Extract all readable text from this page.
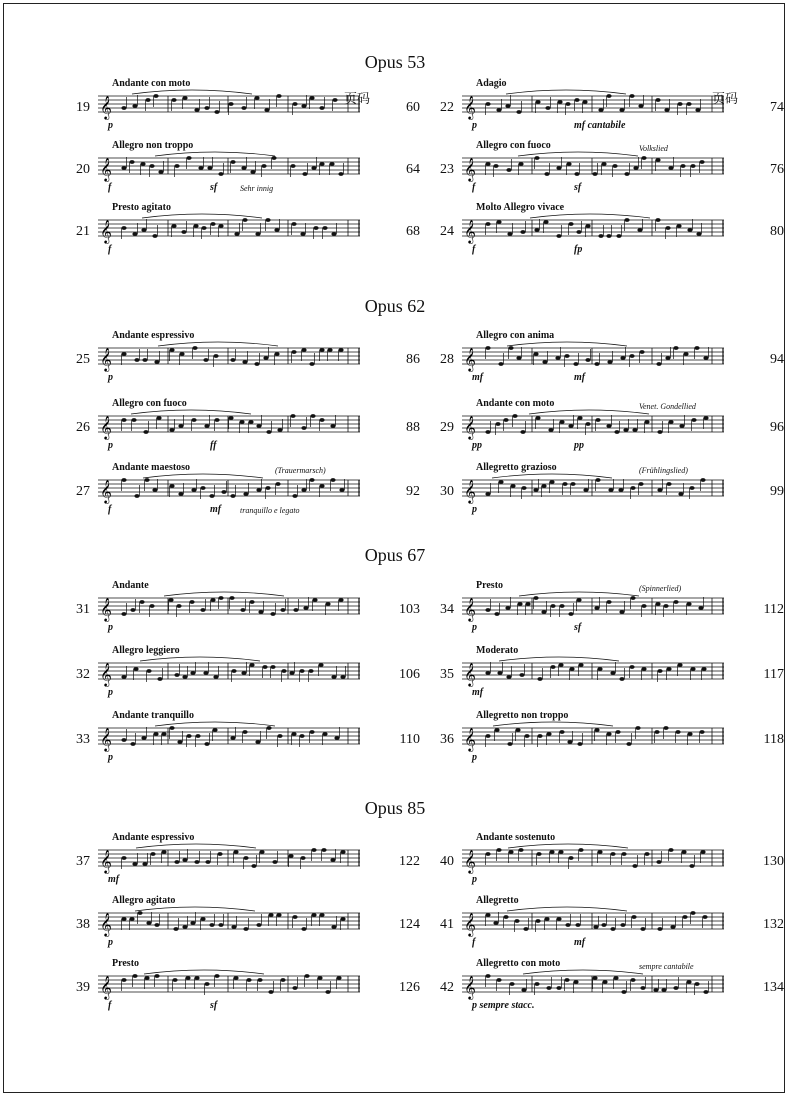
Opus 53
19
Andante con moto
60
𝄞
p
20
Allegro non troppo
64
𝄞
f	sf	Sehr innig
21
Presto agitato
68
𝄞
f
22
Adagio
74
𝄞
p	mf cantabile
23
Allegro con fuoco
76
𝄞
f	sf
Volkslied
24
Molto Allegro vivace
80
𝄞
f	fp
页码	页码
Opus 62
25
Andante espressivo
86
𝄞
p
26
Allegro con fuoco
88
𝄞
p	ff
27
Andante maestoso
92
𝄞
f	mf tranquillo e legato
(Trauermarsch)
28
Allegro con anima
94
𝄞
mf	mf
29
Andante con moto
96
𝄞
pp	pp
Venet. Gondellied
30
Allegretto grazioso
99
𝄞
p
(Frühlingslied)
Opus 67
31
Andante
103
𝄞
p
32
Allegro leggiero
106
𝄞
p
33
Andante tranquillo
110
𝄞
p
34
Presto
112
𝄞
p	sf
(Spinnerlied)
35
Moderato
117
𝄞
mf
36
Allegretto non troppo
118
𝄞
p
Opus 85
37
Andante espressivo
122
𝄞
mf
38
Allegro agitato
124
𝄞
p
39
Presto
126
𝄞
f	sf
40
Andante sostenuto
130
𝄞
p
41
Allegretto
132
𝄞
f	mf
42
Allegretto con moto
134
𝄞
p sempre stacc.
sempre cantabile
